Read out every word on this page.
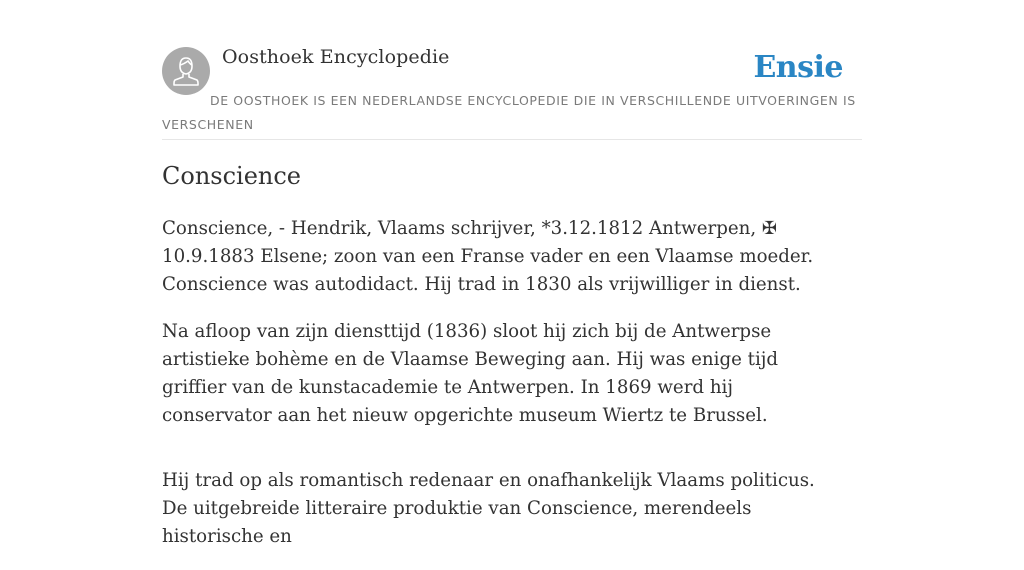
Oosthoek Encyclopedie	Ensie
DE OOSTHOEK IS EEN NEDERLANDSE ENCYCLOPEDIE DIE IN VERSCHILLENDE UITVOERINGEN IS VERSCHENEN
Conscience

Conscience, - Hendrik, Vlaams schrijver, *3.12.1812 Antwerpen, ✠ 10.9.1883 Elsene; zoon van een Franse vader en een Vlaamse moeder. Conscience was autodidact. Hij trad in 1830 als vrijwilliger in dienst.

Na afloop van zijn diensttijd (1836) sloot hij zich bij de Antwerpse artistieke bohème en de Vlaamse Beweging aan. Hij was enige tijd griffier van de kunstacademie te Antwerpen. In 1869 werd hij conservator aan het nieuw opgerichte museum Wiertz te Brussel.

Hij trad op als romantisch redenaar en onafhankelijk Vlaams politicus. De uitgebreide litteraire produktie van Conscience, merendeels historische en
